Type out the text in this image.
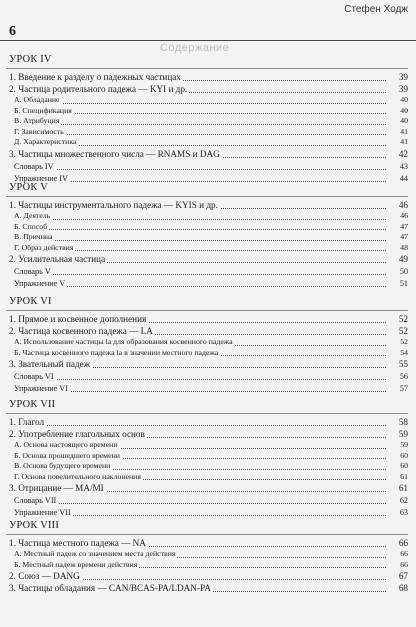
6
Стефен Ходж
Содержание
УРОК IV
1. Введение к разделу о падежных частицах	39
2. Частица родительного падежа — KYI и др.	39
А. Обладание	40
Б. Спецификация	40
В. Атрибуция	40
Г. Зависимость	41
Д. Характеристика	41
3. Частицы множественного числа — RNAMS и DAG	42
Словарь IV	43
Упражнение IV	44
УРОК V
1. Частицы инструментального падежа — KYIS и др.	46
А. Деятель	46
Б. Способ	47
В. Причина	47
Г. Образ действия	48
2. Усилительная частица	49
Словарь V	50
Упражнение V	51
УРОК VI
1. Прямое и косвенное дополнения	52
2. Частица косвенного падежа — LA	52
А. Использование частицы la для образования косвенного падежа	52
Б. Частица косвенного падежа la в значении местного падежа	54
3. Звательный падеж	55
Словарь VI	56
Упражнение VI	57
УРОК VII
1. Глагол	58
2. Употребление глагольных основ	59
А. Основа настоящего времени	59
Б. Основа прошедшего времени	60
В. Основа будущего времени	60
Г. Основа повелительного наклонения	61
3. Отрицание — MA/MI	61
Словарь VII	62
Упражнение VII	63
УРОК VIII
1. Частица местного падежа — NA	66
А. Местный падеж со значением места действия	66
Б. Местный падеж времени действия	66
2. Союз — DANG	67
3. Частицы обладания — CAN/BCAS-PA/LDAN-PA	68
